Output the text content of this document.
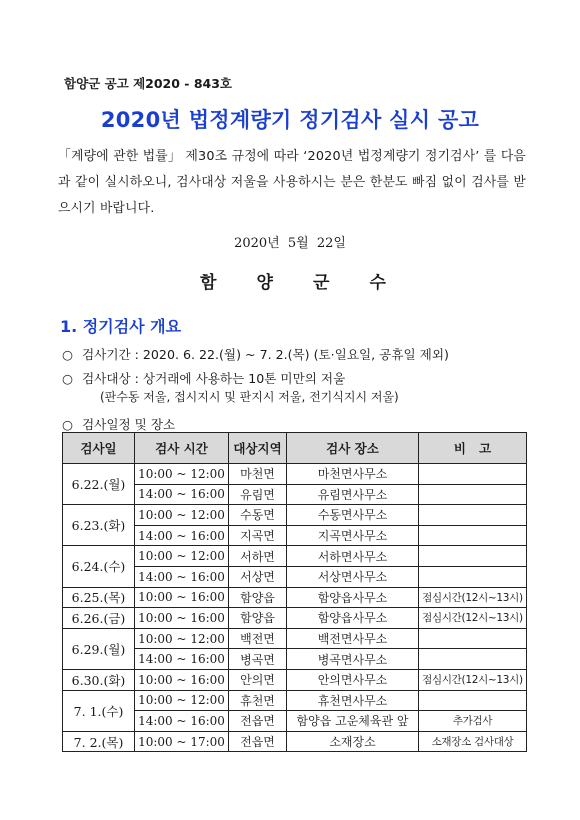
함양군 공고 제2020 - 843호
2020년 법정계량기 정기검사 실시 공고
「계량에 관한 법률」 제30조 규정에 따라 ‘2020년 법정계량기 정기검사’ 를 다음과 같이 실시하오니, 검사대상 저울을 사용하시는 분은 한분도 빠짐 없이 검사를 받으시기 바랍니다.
2020년 5월 22일
함 양 군 수
1. 정기검사 개요
○ 검사기간 : 2020. 6. 22.(월) ~ 7. 2.(목) (토·일요일, 공휴일 제외)
○ 검사대상 : 상거래에 사용하는 10톤 미만의 저울
(판수동 저울, 접시지시 및 판지시 저울, 전기식지시 저울)
○ 검사일정 및 장소
검사일	검사 시간	대상지역	검사 장소	비   고
6.22.(월)	10:00 ~ 12:00	마천면	마천면사무소	
	14:00 ~ 16:00	유림면	유림면사무소	
6.23.(화)	10:00 ~ 12:00	수동면	수동면사무소	
	14:00 ~ 16:00	지곡면	지곡면사무소	
6.24.(수)	10:00 ~ 12:00	서하면	서하면사무소	
	14:00 ~ 16:00	서상면	서상면사무소	
6.25.(목)	10:00 ~ 16:00	함양읍	함양읍사무소	점심시간(12시~13시)
6.26.(금)	10:00 ~ 16:00	함양읍	함양읍사무소	점심시간(12시~13시)
6.29.(월)	10:00 ~ 12:00	백전면	백전면사무소	
	14:00 ~ 16:00	병곡면	병곡면사무소	
6.30.(화)	10:00 ~ 16:00	안의면	안의면사무소	점심시간(12시~13시)
7. 1.(수)	10:00 ~ 12:00	휴천면	휴천면사무소	
	14:00 ~ 16:00	전읍면	함양읍 고운체육관 앞	추가검사
7. 2.(목)	10:00 ~ 17:00	전읍면	소재장소	소재장소 검사대상
